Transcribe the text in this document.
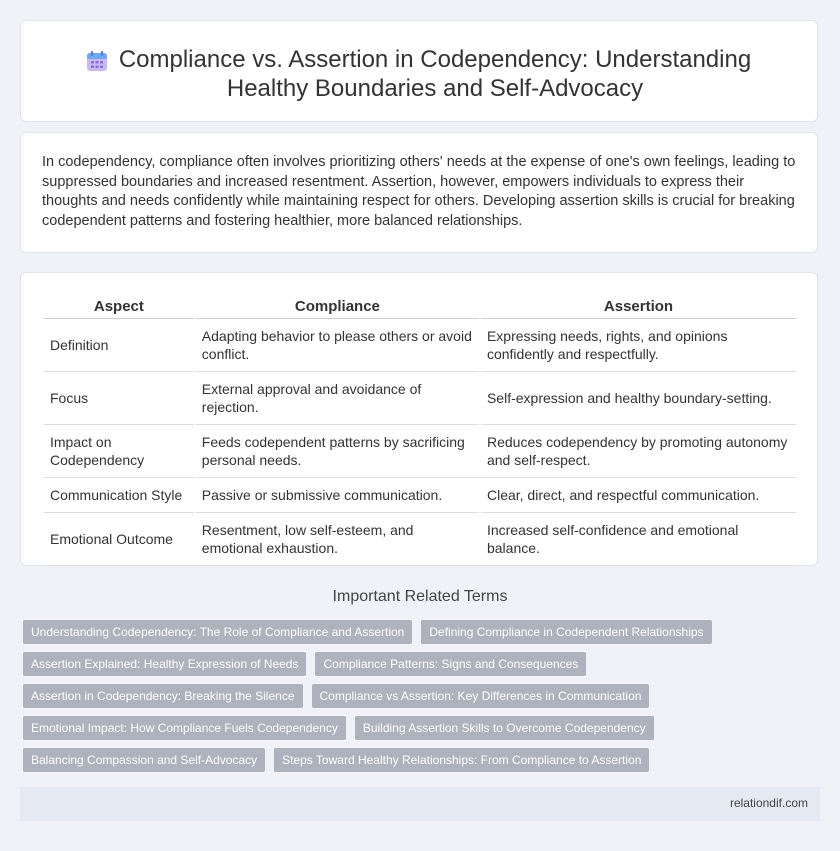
Compliance vs. Assertion in Codependency: Understanding Healthy Boundaries and Self-Advocacy

In codependency, compliance often involves prioritizing others' needs at the expense of one's own feelings, leading to suppressed boundaries and increased resentment. Assertion, however, empowers individuals to express their thoughts and needs confidently while maintaining respect for others. Developing assertion skills is crucial for breaking codependent patterns and fostering healthier, more balanced relationships.

Aspect	Compliance	Assertion
Definition	Adapting behavior to please others or avoid conflict.	Expressing needs, rights, and opinions confidently and respectfully.
Focus	External approval and avoidance of rejection.	Self-expression and healthy boundary-setting.
Impact on Codependency	Feeds codependent patterns by sacrificing personal needs.	Reduces codependency by promoting autonomy and self-respect.
Communication Style	Passive or submissive communication.	Clear, direct, and respectful communication.
Emotional Outcome	Resentment, low self-esteem, and emotional exhaustion.	Increased self-confidence and emotional balance.
Important Related Terms
Understanding Codependency: The Role of Compliance and Assertion	Defining Compliance in Codependent Relationships
Assertion Explained: Healthy Expression of Needs	Compliance Patterns: Signs and Consequences
Assertion in Codependency: Breaking the Silence	Compliance vs Assertion: Key Differences in Communication
Emotional Impact: How Compliance Fuels Codependency	Building Assertion Skills to Overcome Codependency
Balancing Compassion and Self-Advocacy	Steps Toward Healthy Relationships: From Compliance to Assertion
relationdif.com
